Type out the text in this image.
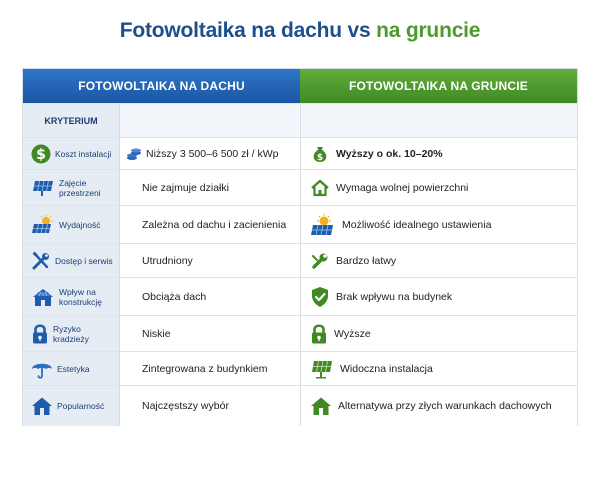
Fotowoltaika na dachu vs na gruncie
FOTOWOLTAIKA NA DACHU	FOTOWOLTAIKA NA GRUNCIE
KRYTERIUM
$ Koszt instalacji	Niższy 3 500–6 500 zł / kWp	$ Wyższy o ok. 10–20%
Zajęcie przestrzeni	Nie zajmuje działki	Wymaga wolnej powierzchni
Wydajność	Zależna od dachu i zacienienia	Możliwość idealnego ustawienia
Dostęp i serwis	Utrudniony	Bardzo łatwy
Wpływ na konstrukcję	Obciąża dach	Brak wpływu na budynek
Ryzyko kradzieży	Niskie	Wyższe
Estetyka	Zintegrowana z budynkiem	Widoczna instalacja
Popularność	Najczęstszy wybór	Alternatywa przy złych warunkach dachowych
